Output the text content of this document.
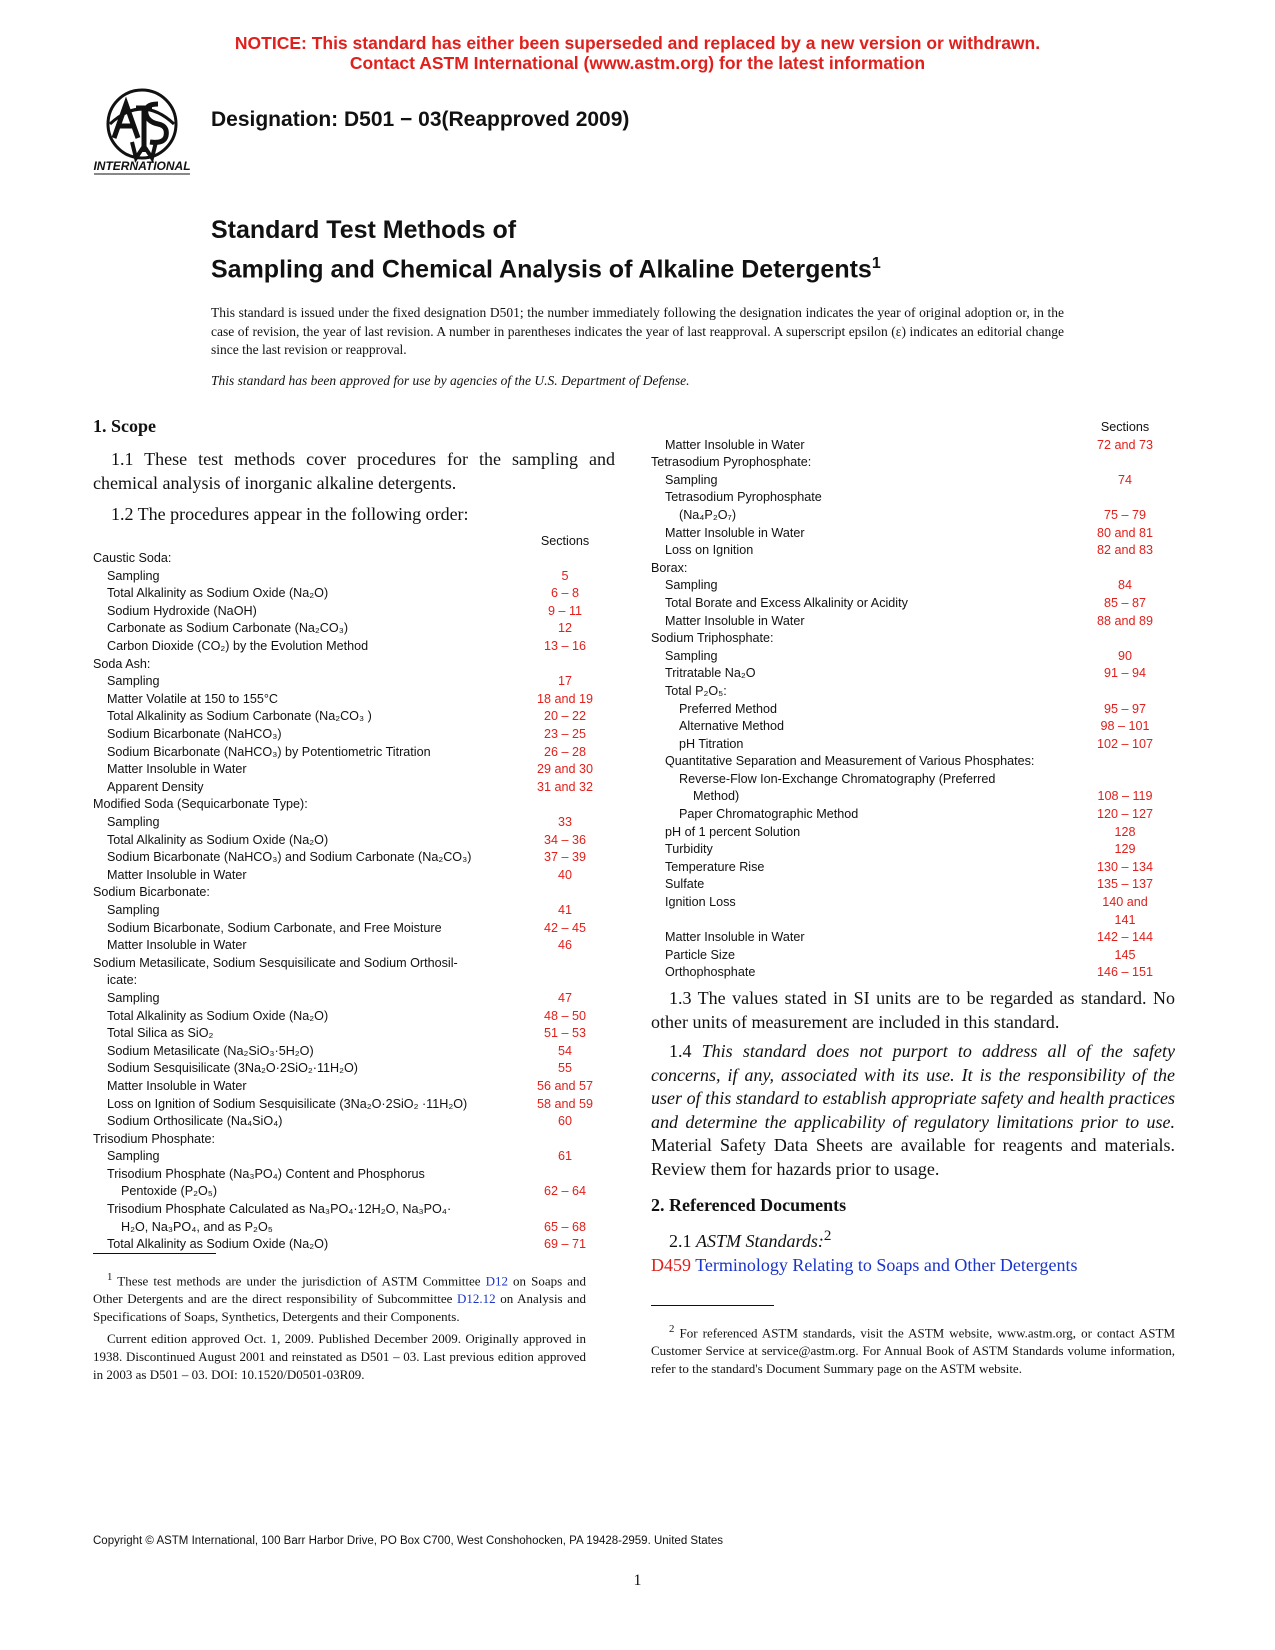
NOTICE: This standard has either been superseded and replaced by a new version or withdrawn.
Contact ASTM International (www.astm.org) for the latest information
INTERNATIONAL
Designation: D501 − 03(Reapproved 2009)
Standard Test Methods of
Sampling and Chemical Analysis of Alkaline Detergents$^1$

This standard is issued under the fixed designation D501; the number immediately following the designation indicates the year of original adoption or, in the case of revision, the year of last revision. A number in parentheses indicates the year of last reapproval. A superscript epsilon (ε) indicates an editorial change since the last revision or reapproval.

This standard has been approved for use by agencies of the U.S. Department of Defense.

1. Scope

1.1 These test methods cover procedures for the sampling and chemical analysis of inorganic alkaline detergents.

1.2 The procedures appear in the following order:

Sections
Caustic Soda:
Sampling	5
Total Alkalinity as Sodium Oxide (Na₂O)	6 – 8
Sodium Hydroxide (NaOH)	9 – 11
Carbonate as Sodium Carbonate (Na₂CO₃)	12
Carbon Dioxide (CO₂) by the Evolution Method	13 – 16
Soda Ash:
Sampling	17
Matter Volatile at 150 to 155°C	18 and 19
Total Alkalinity as Sodium Carbonate (Na₂CO₃ )	20 – 22
Sodium Bicarbonate (NaHCO₃)	23 – 25
Sodium Bicarbonate (NaHCO₃) by Potentiometric Titration	26 – 28
Matter Insoluble in Water	29 and 30
Apparent Density	31 and 32
Modified Soda (Sequicarbonate Type):
Sampling	33
Total Alkalinity as Sodium Oxide (Na₂O)	34 – 36
Sodium Bicarbonate (NaHCO₃) and Sodium Carbonate (Na₂CO₃)	37 – 39
Matter Insoluble in Water	40
Sodium Bicarbonate:
Sampling	41
Sodium Bicarbonate, Sodium Carbonate, and Free Moisture	42 – 45
Matter Insoluble in Water	46
Sodium Metasilicate, Sodium Sesquisilicate and Sodium Orthosil-
icate:
Sampling	47
Total Alkalinity as Sodium Oxide (Na₂O)	48 – 50
Total Silica as SiO₂	51 – 53
Sodium Metasilicate (Na₂SiO₃·5H₂O)	54
Sodium Sesquisilicate (3Na₂O·2SiO₂·11H₂O)	55
Matter Insoluble in Water	56 and 57
Loss on Ignition of Sodium Sesquisilicate (3Na₂O·2SiO₂ ·11H₂O)	58 and 59
Sodium Orthosilicate (Na₄SiO₄)	60
Trisodium Phosphate:
Sampling	61
Trisodium Phosphate (Na₃PO₄) Content and Phosphorus
Pentoxide (P₂O₅)	62 – 64
Trisodium Phosphate Calculated as Na₃PO₄·12H₂O, Na₃PO₄·
H₂O, Na₃PO₄, and as P₂O₅	65 – 68
Total Alkalinity as Sodium Oxide (Na₂O)	69 – 71

$^1$ These test methods are under the jurisdiction of ASTM Committee D12 on Soaps and Other Detergents and are the direct responsibility of Subcommittee D12.12 on Analysis and Specifications of Soaps, Synthetics, Detergents and their Components.

Current edition approved Oct. 1, 2009. Published December 2009. Originally approved in 1938. Discontinued August 2001 and reinstated as D501 – 03. Last previous edition approved in 2003 as D501 – 03. DOI: 10.1520/D0501-03R09.

Sections
Matter Insoluble in Water	72 and 73
Tetrasodium Pyrophosphate:
Sampling	74
Tetrasodium Pyrophosphate
(Na₄P₂O₇)	75 – 79
Matter Insoluble in Water	80 and 81
Loss on Ignition	82 and 83
Borax:
Sampling	84
Total Borate and Excess Alkalinity or Acidity	85 – 87
Matter Insoluble in Water	88 and 89
Sodium Triphosphate:
Sampling	90
Tritratable Na₂O	91 – 94
Total P₂O₅:
Preferred Method	95 – 97
Alternative Method	98 – 101
pH Titration	102 – 107
Quantitative Separation and Measurement of Various Phosphates:
Reverse-Flow Ion-Exchange Chromatography (Preferred
Method)	108 – 119
Paper Chromatographic Method	120 – 127
pH of 1 percent Solution	128
Turbidity	129
Temperature Rise	130 – 134
Sulfate	135 – 137
Ignition Loss	140 and
141
Matter Insoluble in Water	142 – 144
Particle Size	145
Orthophosphate	146 – 151

1.3 The values stated in SI units are to be regarded as standard. No other units of measurement are included in this standard.

1.4 This standard does not purport to address all of the safety concerns, if any, associated with its use. It is the responsibility of the user of this standard to establish appropriate safety and health practices and determine the applicability of regulatory limitations prior to use. Material Safety Data Sheets are available for reagents and materials. Review them for hazards prior to usage.

2. Referenced Documents

2.1 ASTM Standards:$^2$

D459 Terminology Relating to Soaps and Other Detergents

$^2$ For referenced ASTM standards, visit the ASTM website, www.astm.org, or contact ASTM Customer Service at service@astm.org. For Annual Book of ASTM Standards volume information, refer to the standard's Document Summary page on the ASTM website.

Copyright © ASTM International, 100 Barr Harbor Drive, PO Box C700, West Conshohocken, PA 19428-2959. United States
1
